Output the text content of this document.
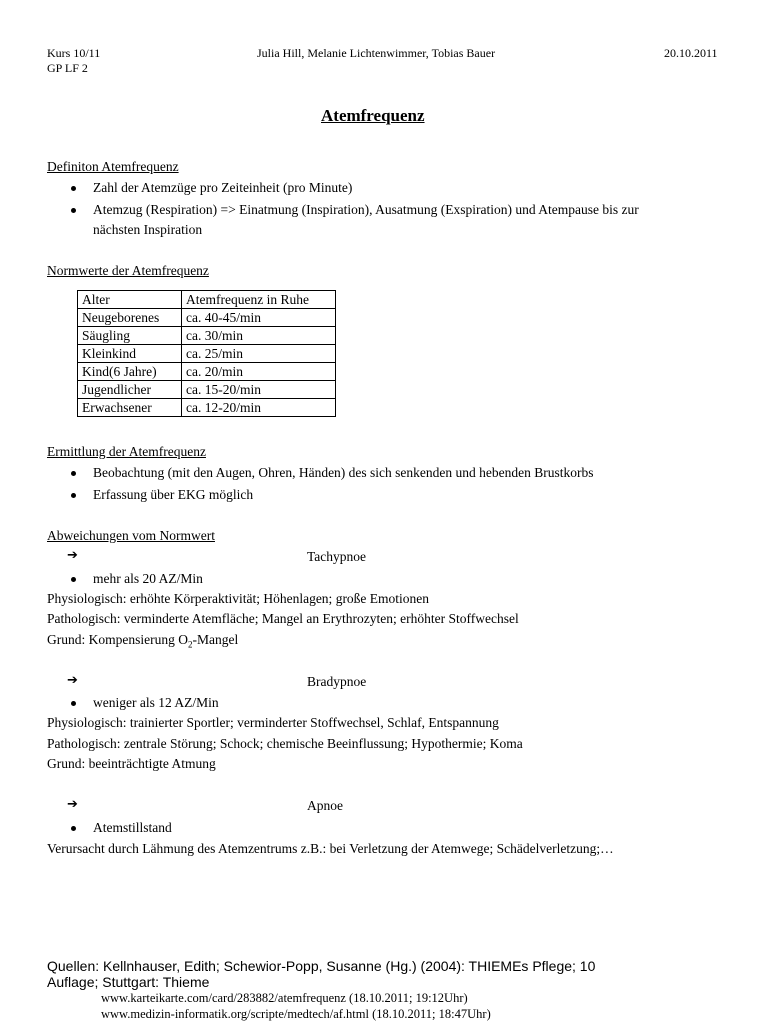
Kurs 10/11
GP LF 2
Julia Hill, Melanie Lichtenwimmer, Tobias Bauer	20.10.2011
Atemfrequenz
Definiton Atemfrequenz
Zahl der Atemzüge pro Zeiteinheit (pro Minute)
Atemzug (Respiration) => Einatmung (Inspiration), Ausatmung (Exspiration) und Atempause bis zur
nächsten Inspiration
Normwerte der Atemfrequenz
Alter	Atemfrequenz in Ruhe
Neugeborenes	ca. 40-45/min
Säugling	ca. 30/min
Kleinkind	ca. 25/min
Kind(6 Jahre)	ca. 20/min
Jugendlicher	ca. 15-20/min
Erwachsener	ca. 12-20/min
Ermittlung der Atemfrequenz
Beobachtung (mit den Augen, Ohren, Händen) des sich senkenden und hebenden Brustkorbs
Erfassung über EKG möglich
Abweichungen vom Normwert
➔	Tachypnoe
mehr als 20 AZ/Min
Physiologisch: erhöhte Körperaktivität; Höhenlagen; große Emotionen
Pathologisch: verminderte Atemfläche; Mangel an Erythrozyten; erhöhter Stoffwechsel
Grund: Kompensierung $O_2$-Mangel
➔	Bradypnoe
weniger als 12 AZ/Min
Physiologisch: trainierter Sportler; verminderter Stoffwechsel, Schlaf, Entspannung
Pathologisch: zentrale Störung; Schock; chemische Beeinflussung; Hypothermie; Koma
Grund: beeinträchtigte Atmung
➔	Apnoe
Atemstillstand
Verursacht durch Lähmung des Atemzentrums z.B.: bei Verletzung der Atemwege; Schädelverletzung;…
Quellen: Kellnhauser, Edith; Schewior-Popp, Susanne (Hg.) (2004): THIEMEs Pflege; 10
Auflage; Stuttgart: Thieme
www.karteikarte.com/card/283882/atemfrequenz (18.10.2011; 19:12Uhr)
www.medizin-informatik.org/scripte/medtech/af.html (18.10.2011; 18:47Uhr)
